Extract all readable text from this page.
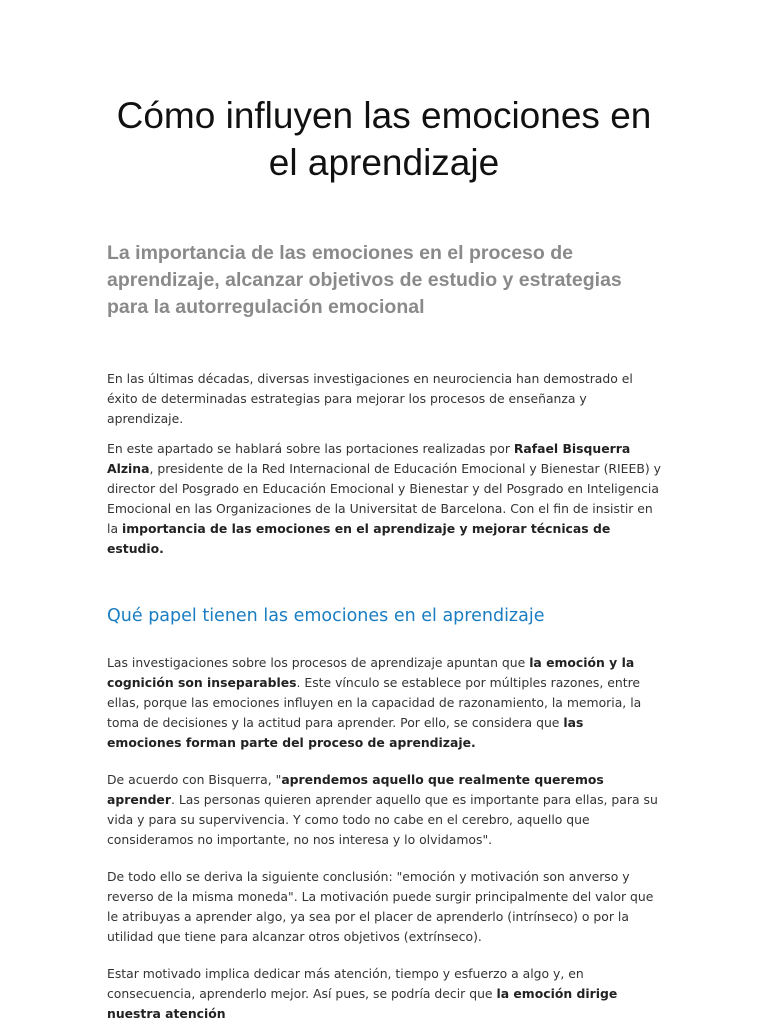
Cómo influyen las emociones en el aprendizaje

La importancia de las emociones en el proceso de aprendizaje, alcanzar objetivos de estudio y estrategias para la autorregulación emocional

En las últimas décadas, diversas investigaciones en neurociencia han demostrado el éxito de determinadas estrategias para mejorar los procesos de enseñanza y aprendizaje.

En este apartado se hablará sobre las portaciones realizadas por Rafael Bisquerra Alzina, presidente de la Red Internacional de Educación Emocional y Bienestar (RIEEB) y director del Posgrado en Educación Emocional y Bienestar y del Posgrado en Inteligencia Emocional en las Organizaciones de la Universitat de Barcelona. Con el fin de insistir en la importancia de las emociones en el aprendizaje y mejorar técnicas de estudio.

Qué papel tienen las emociones en el aprendizaje

Las investigaciones sobre los procesos de aprendizaje apuntan que la emoción y la cognición son inseparables. Este vínculo se establece por múltiples razones, entre ellas, porque las emociones influyen en la capacidad de razonamiento, la memoria, la toma de decisiones y la actitud para aprender. Por ello, se considera que las emociones forman parte del proceso de aprendizaje.

De acuerdo con Bisquerra, "aprendemos aquello que realmente queremos aprender. Las personas quieren aprender aquello que es importante para ellas, para su vida y para su supervivencia. Y como todo no cabe en el cerebro, aquello que consideramos no importante, no nos interesa y lo olvidamos".

De todo ello se deriva la siguiente conclusión: "emoción y motivación son anverso y reverso de la misma moneda". La motivación puede surgir principalmente del valor que le atribuyas a aprender algo, ya sea por el placer de aprenderlo (intrínseco) o por la utilidad que tiene para alcanzar otros objetivos (extrínseco).

Estar motivado implica dedicar más atención, tiempo y esfuerzo a algo y, en consecuencia, aprenderlo mejor. Así pues, se podría decir que la emoción dirige nuestra atención
